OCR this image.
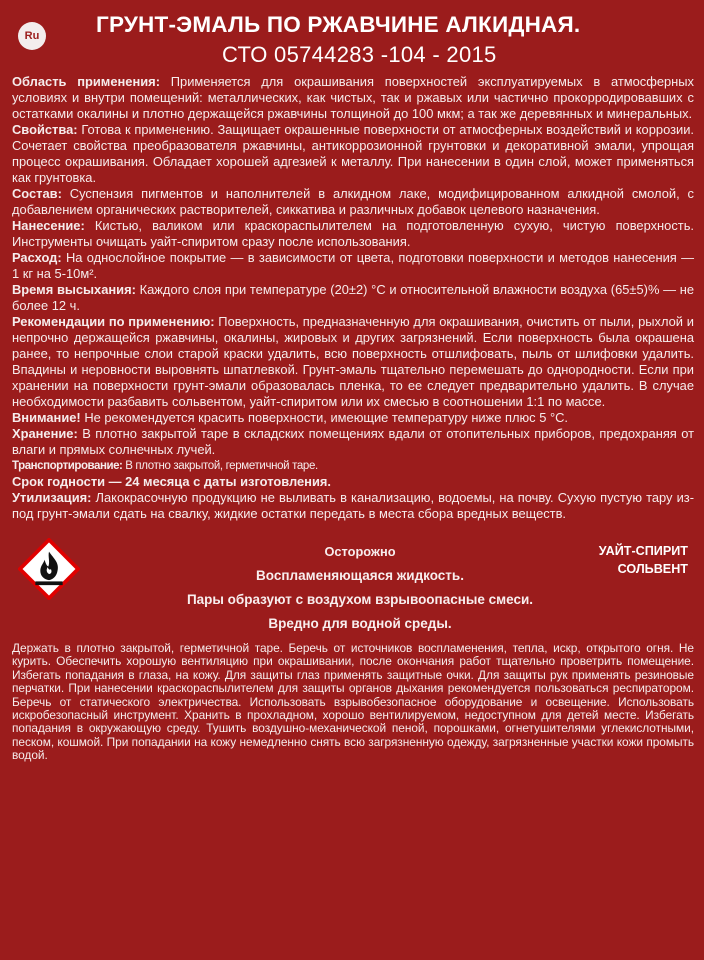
Ru	ГРУНТ-ЭМАЛЬ ПО РЖАВЧИНЕ АЛКИДНАЯ.
СТО 05744283 -104 - 2015

Область применения: Применяется для окрашивания поверхностей эксплуатируемых в атмосферных условиях и внутри помещений: металлических, как чистых, так и ржавых или частично прокорродировавших с остатками окалины и плотно держащейся ржавчины толщиной до 100 мкм; а так же деревянных и минеральных.

Свойства: Готова к применению. Защищает окрашенные поверхности от атмосферных воздействий и коррозии. Сочетает свойства преобразователя ржавчины, антикоррозионной грунтовки и декоративной эмали, упрощая процесс окрашивания. Обладает хорошей адгезией к металлу. При нанесении в один слой, может применяться как грунтовка.

Состав: Суспензия пигментов и наполнителей в алкидном лаке, модифицированном алкидной смолой, с добавлением органических растворителей, сиккатива и различных добавок целевого назначения.

Нанесение: Кистью, валиком или краскораспылителем на подготовленную сухую, чистую поверхность. Инструменты очищать уайт-спиритом сразу после использования.

Расход: На однослойное покрытие — в зависимости от цвета, подготовки поверхности и методов нанесения — 1 кг на 5-10м².

Время высыхания: Каждого слоя при температуре (20±2) °C и относительной влажности воздуха (65±5)% — не более 12 ч.

Рекомендации по применению: Поверхность, предназначенную для окрашивания, очистить от пыли, рыхлой и непрочно держащейся ржавчины, окалины, жировых и других загрязнений. Если поверхность была окрашена ранее, то непрочные слои старой краски удалить, всю поверхность отшлифовать, пыль от шлифовки удалить. Впадины и неровности выровнять шпатлевкой. Грунт-эмаль тщательно перемешать до однородности. Если при хранении на поверхности грунт-эмали образовалась пленка, то ее следует предварительно удалить. В случае необходимости разбавить сольвентом, уайт-спиритом или их смесью в соотношении 1:1 по массе.

Внимание! Не рекомендуется красить поверхности, имеющие температуру ниже плюс 5 °C.

Хранение: В плотно закрытой таре в складских помещениях вдали от отопительных приборов, предохраняя от влаги и прямых солнечных лучей.

Транспортирование: В плотно закрытой, герметичной таре.

Срок годности — 24 месяца с даты изготовления.

Утилизация: Лакокрасочную продукцию не выливать в канализацию, водоемы, на почву. Сухую пустую тару из-под грунт-эмали сдать на свалку, жидкие остатки передать в места сбора вредных веществ.

Осторожно
Воспламеняющаяся жидкость.
Пары образуют с воздухом взрывоопасные смеси.
Вредно для водной среды.
УАЙТ-СПИРИТ
СОЛЬВЕНТ
Держать в плотно закрытой, герметичной таре. Беречь от источников воспламенения, тепла, искр, открытого огня. Не курить. Обеспечить хорошую вентиляцию при окрашивании, после окончания работ тщательно проветрить помещение. Избегать попадания в глаза, на кожу. Для защиты глаз применять защитные очки. Для защиты рук применять резиновые перчатки. При нанесении краскораспылителем для защиты органов дыхания рекомендуется пользоваться респиратором. Беречь от статического электричества. Использовать взрывобезопасное оборудование и освещение. Использовать искробезопасный инструмент. Хранить в прохладном, хорошо вентилируемом, недоступном для детей месте. Избегать попадания в окружающую среду. Тушить воздушно-механической пеной, порошками, огнетушителями углекислотными, песком, кошмой. При попадании на кожу немедленно снять всю загрязненную одежду, загрязненные участки кожи промыть водой.
